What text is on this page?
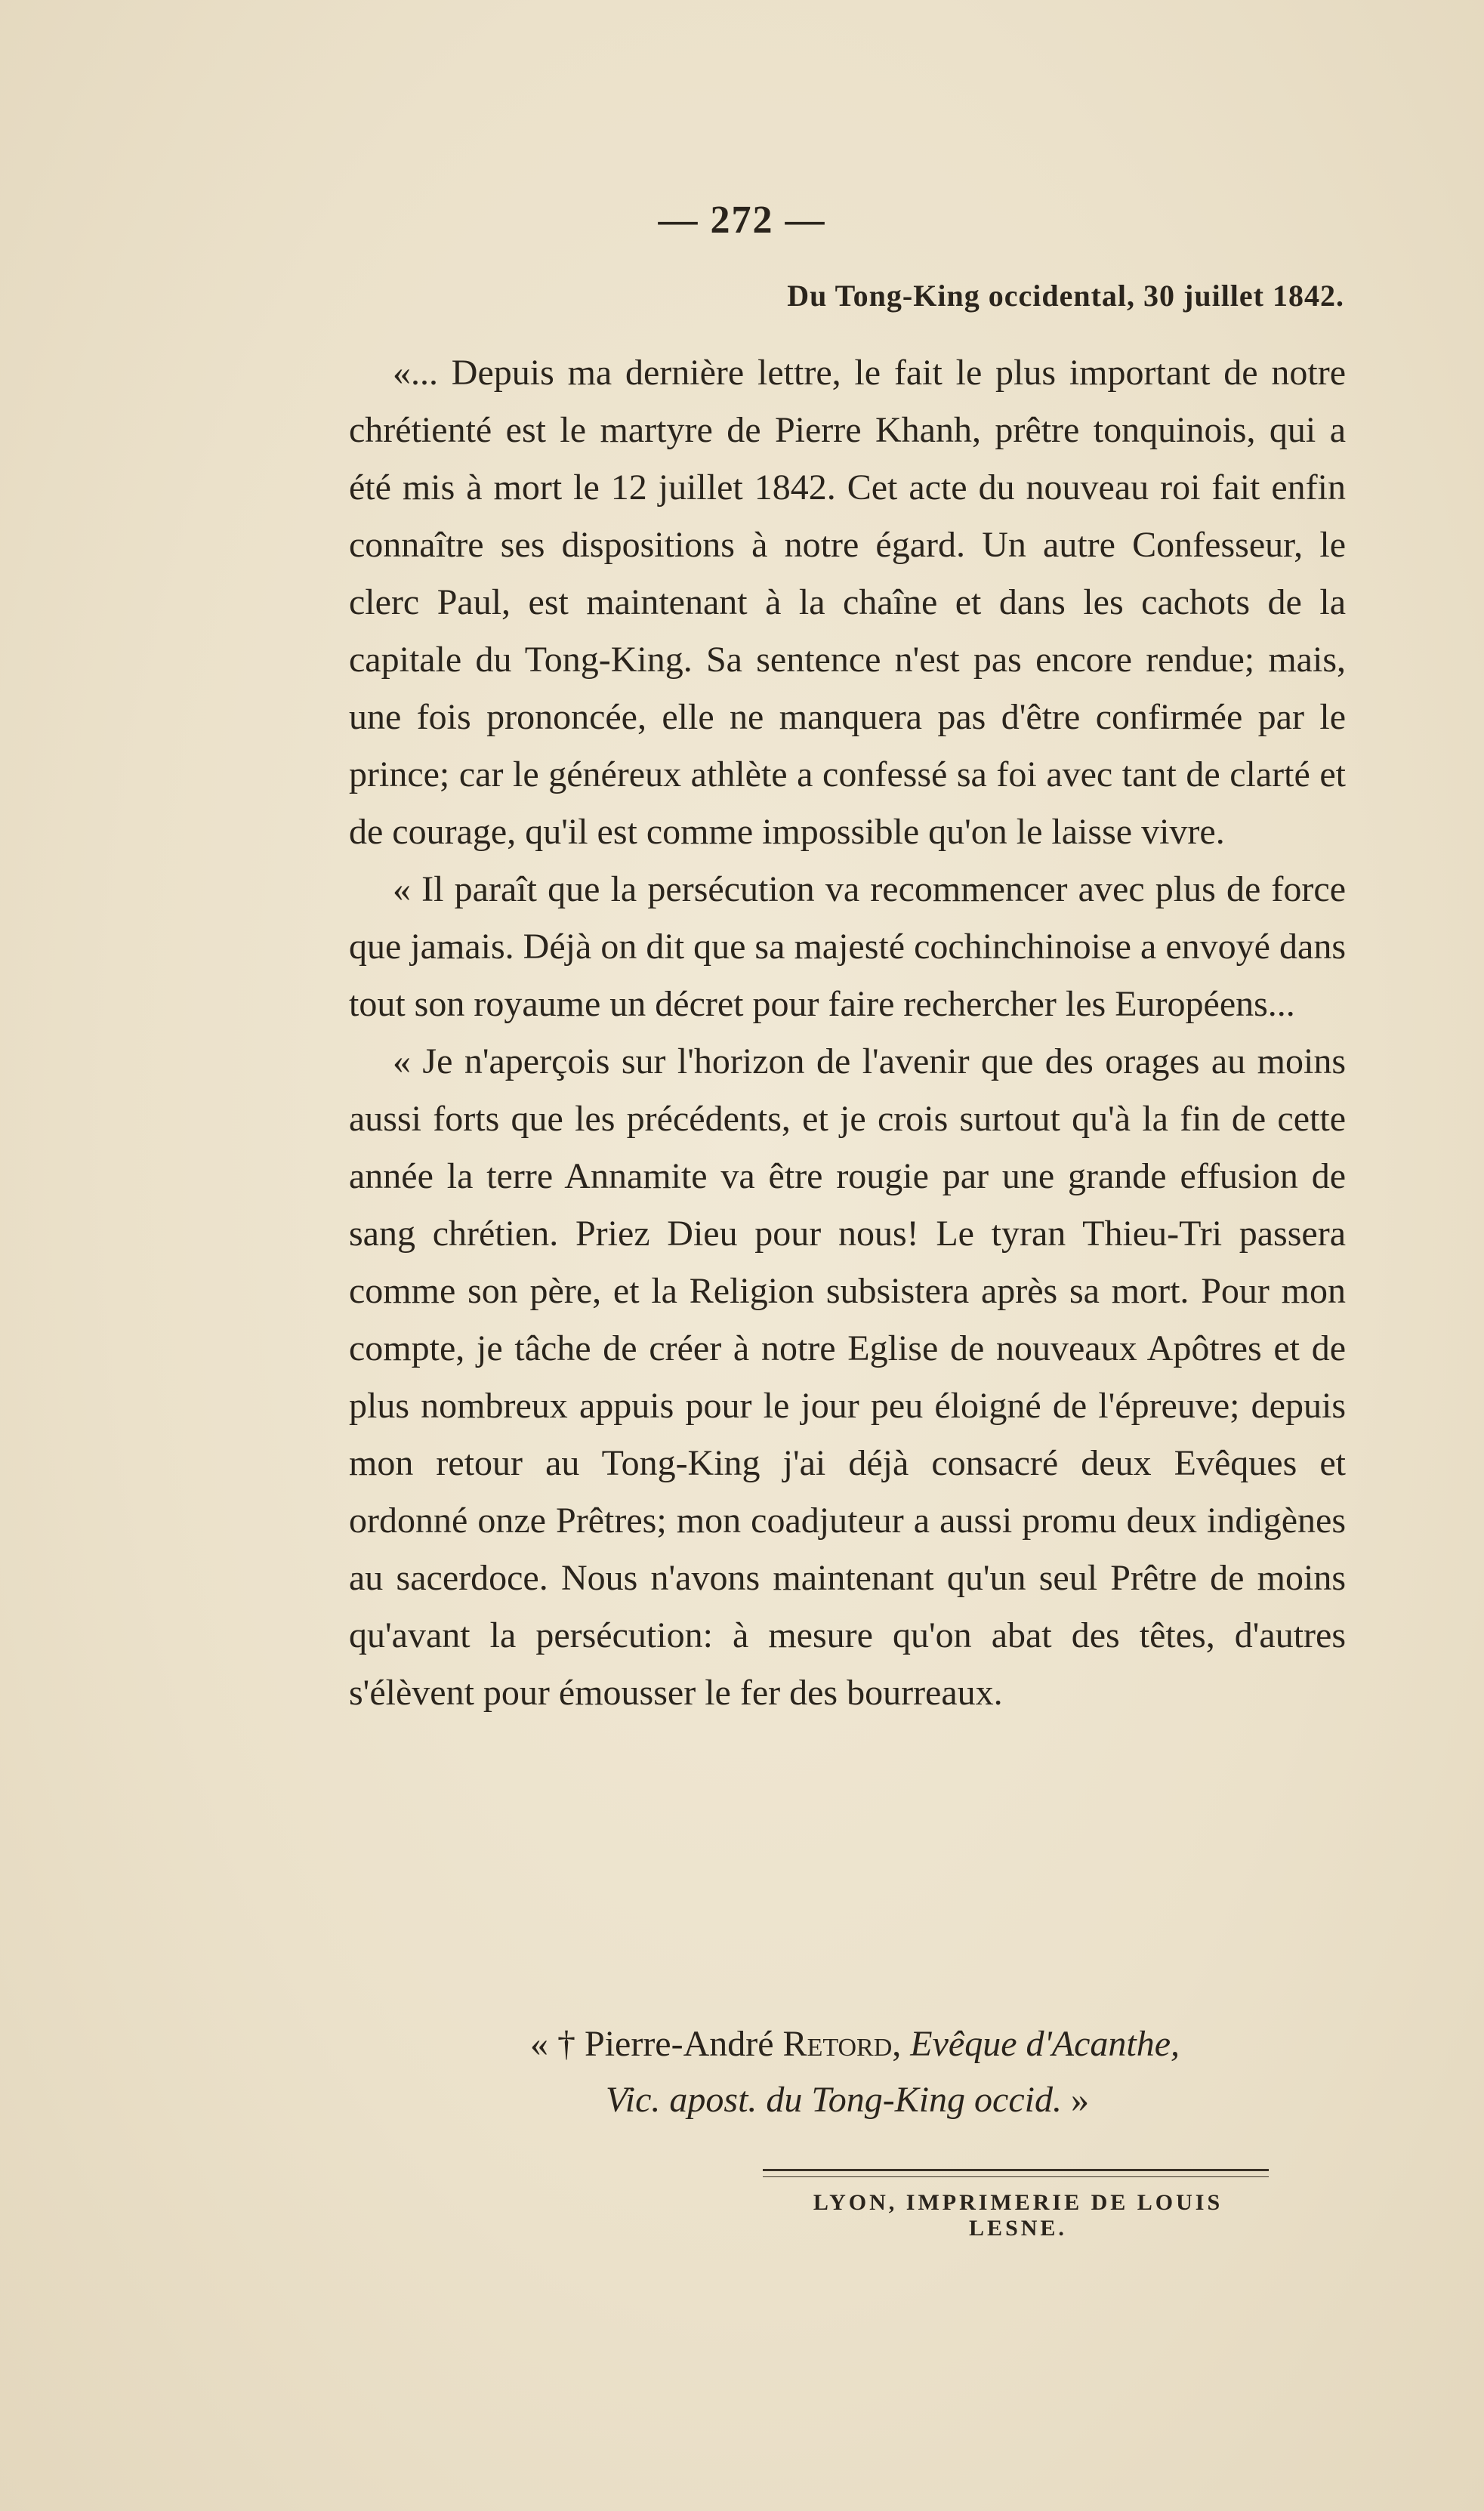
— 272 —
Du Tong-King occidental, 30 juillet 1842.

«... Depuis ma dernière lettre, le fait le plus important de notre chrétienté est le martyre de Pierre Khanh, prêtre tonquinois, qui a été mis à mort le 12 juillet 1842. Cet acte du nouveau roi fait enfin connaître ses dispositions à notre égard. Un autre Confesseur, le clerc Paul, est maintenant à la chaîne et dans les cachots de la capitale du Tong-King. Sa sentence n'est pas encore rendue; mais, une fois prononcée, elle ne manquera pas d'être confirmée par le prince; car le généreux athlète a confessé sa foi avec tant de clarté et de courage, qu'il est comme impossible qu'on le laisse vivre.

« Il paraît que la persécution va recommencer avec plus de force que jamais. Déjà on dit que sa majesté cochinchinoise a envoyé dans tout son royaume un décret pour faire rechercher les Européens...

« Je n'aperçois sur l'horizon de l'avenir que des orages au moins aussi forts que les précédents, et je crois surtout qu'à la fin de cette année la terre Annamite va être rougie par une grande effusion de sang chrétien. Priez Dieu pour nous! Le tyran Thieu-Tri passera comme son père, et la Religion subsistera après sa mort. Pour mon compte, je tâche de créer à notre Eglise de nouveaux Apôtres et de plus nombreux appuis pour le jour peu éloigné de l'épreuve; depuis mon retour au Tong-King j'ai déjà consacré deux Evêques et ordonné onze Prêtres; mon coadjuteur a aussi promu deux indigènes au sacerdoce. Nous n'avons maintenant qu'un seul Prêtre de moins qu'avant la persécution: à mesure qu'on abat des têtes, d'autres s'élèvent pour émousser le fer des bourreaux.

« † Pierre-André Retord, Evêque d'Acanthe,
Vic. apost. du Tong-King occid. »
LYON, IMPRIMERIE DE LOUIS LESNE.
